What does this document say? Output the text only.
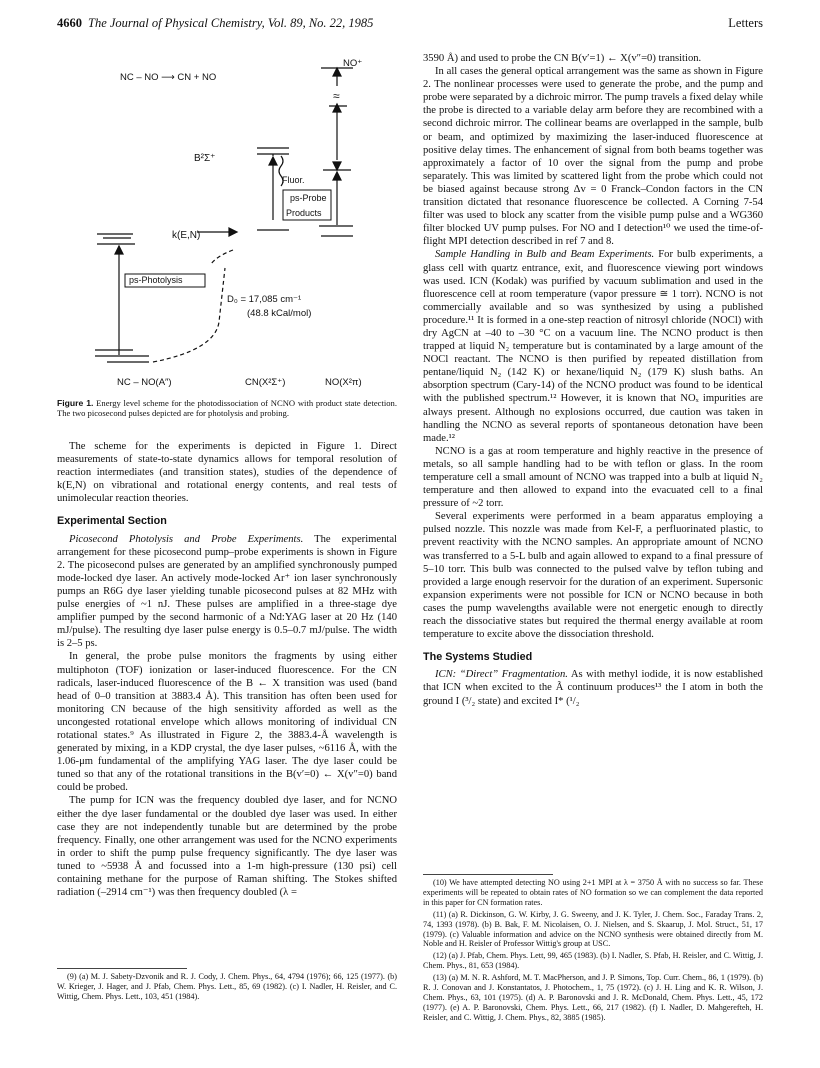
4660 The Journal of Physical Chemistry, Vol. 89, No. 22, 1985	Letters
NC – NO ⟶ CN + NO
NO⁺
B²Σ⁺
Fluor.
ps-Probe
Products
k(E,N)
ps-Photolysis
D₀ = 17,085 cm⁻¹
(48.8 kCal/mol)
NC – NO(A″)	CN(X²Σ⁺)	NO(X²π)
≈
Figure 1. Energy level scheme for the photodissociation of NCNO with product state detection. The two picosecond pulses depicted are for photolysis and probing.

The scheme for the experiments is depicted in Figure 1. Direct measurements of state-to-state dynamics allows for temporal resolution of reaction intermediates (and transition states), studies of the dependence of k(E,N) on vibrational and rotational energy contents, and real tests of unimolecular reaction theories.

Experimental Section

Picosecond Photolysis and Probe Experiments. The experimental arrangement for these picosecond pump–probe experiments is shown in Figure 2. The picosecond pulses are generated by an amplified synchronously pumped mode-locked dye laser. An actively mode-locked Ar⁺ ion laser synchronously pumps an R6G dye laser yielding tunable picosecond pulses at 82 MHz with pulse energies of ~1 nJ. These pulses are amplified in a three-stage dye amplifier pumped by the second harmonic of a Nd:YAG laser at 20 Hz (140 mJ/pulse). The resulting dye laser pulse energy is 0.5–0.7 mJ/pulse. The width is 2–5 ps.

In general, the probe pulse monitors the fragments by using either multiphoton (TOF) ionization or laser-induced fluorescence. For the CN radicals, laser-induced fluorescence of the B ← X transition was used (band head of 0–0 transition at 3883.4 Å). This transition has often been used for monitoring CN because of the high sensitivity afforded as well as the uncongested rotational envelope which allows monitoring of individual CN rotational states.⁹ As illustrated in Figure 2, the 3883.4-Å wavelength is generated by mixing, in a KDP crystal, the dye laser pulses, ~6116 Å, with the 1.06-μm fundamental of the amplifying YAG laser. The dye laser could be tuned so that any of the rotational transitions in the B(v′=0) ← X(v″=0) band could be probed.

The pump for ICN was the frequency doubled dye laser, and for NCNO either the dye laser fundamental or the doubled dye laser was used. In either case they are not independently tunable but are determined by the probe frequency. Finally, one other arrangement was used for the NCNO experiments in order to shift the pump pulse frequency significantly. The dye laser was tuned to ~5938 Å and focussed into a 1-m high-pressure (130 psi) cell containing methane for the purpose of Raman shifting. The Stokes shifted radiation (–2914 cm⁻¹) was then frequency doubled (λ =

(9) (a) M. J. Sabety-Dzvonik and R. J. Cody, J. Chem. Phys., 64, 4794 (1976); 66, 125 (1977). (b) W. Krieger, J. Hager, and J. Pfab, Chem. Phys. Lett., 85, 69 (1982). (c) I. Nadler, H. Reisler, and C. Wittig, Chem. Phys. Lett., 103, 451 (1984).

3590 Å) and used to probe the CN B(v′=1) ← X(v″=0) transition.

In all cases the general optical arrangement was the same as shown in Figure 2. The nonlinear processes were used to generate the probe, and the pump and probe were separated by a dichroic mirror. The pump travels a fixed delay while the probe is directed to a variable delay arm before they are recombined with a second dichroic mirror. The collinear beams are overlapped in the sample, bulb or beam, and optimized by maximizing the laser-induced fluorescence at positive delay times. The enhancement of signal from both beams together was approximately a factor of 10 over the signal from the pump and probe separately. This was limited by scattered light from the probe which could not be biased against because strong Δv = 0 Franck–Condon factors in the CN transition dictated that resonance fluorescence be collected. A Corning 7-54 filter was used to block any scatter from the visible pump pulse and a WG360 filter blocked UV pump pulses. For NO and I detection¹⁰ we used the time-of-flight MPI detection described in ref 7 and 8.

Sample Handling in Bulb and Beam Experiments. For bulb experiments, a glass cell with quartz entrance, exit, and fluorescence viewing port windows was used. ICN (Kodak) was purified by vacuum sublimation and used in the fluorescence cell at room temperature (vapor pressure ≅ 1 torr). NCNO is not commercially available and so was synthesized by using a published procedure.¹¹ It is formed in a one-step reaction of nitrosyl chloride (NOCl) with dry AgCN at –40 to –30 °C on a vacuum line. The NCNO product is then trapped at liquid N₂ temperature but is contaminated by a large amount of the NOCl reactant. The NCNO is then purified by repeated distillation from pentane/liquid N₂ (142 K) or hexane/liquid N₂ (179 K) slush baths. An absorption spectrum (Cary-14) of the NCNO product was found to be identical with the published spectrum.¹² However, it is known that NOₓ impurities are always present. Although no explosions occurred, due caution was taken in handling the NCNO as several reports of spontaneous detonation have been made.¹²

NCNO is a gas at room temperature and highly reactive in the presence of metals, so all sample handling had to be with teflon or glass. In the room temperature cell a small amount of NCNO was trapped into a bulb at liquid N₂ temperature and then allowed to expand into the evacuated cell to a final pressure of ~2 torr.

Several experiments were performed in a beam apparatus employing a pulsed nozzle. This nozzle was made from Kel-F, a perfluorinated plastic, to prevent reactivity with the NCNO samples. An appropriate amount of NCNO was transferred to a 5-L bulb and again allowed to expand to a final pressure of 5–10 torr. This bulb was connected to the pulsed valve by teflon tubing and provided a large enough reservoir for the duration of an experiment. Supersonic expansion experiments were not possible for ICN or NCNO because in both cases the pump wavelengths available were not energetic enough to directly reach the dissociative states but required the thermal energy available at room temperature to excite above the dissociation threshold.

The Systems Studied

ICN: “Direct” Fragmentation. As with methyl iodide, it is now established that ICN when excited to the Ã continuum produces¹³ the I atom in both the ground I (³/₂ state) and excited I* (¹/₂

(10) We have attempted detecting NO using 2+1 MPI at λ = 3750 Å with no success so far. These experiments will be repeated to obtain rates of NO formation so we can complement the data reported in this paper for CN formation rates.

(11) (a) R. Dickinson, G. W. Kirby, J. G. Sweeny, and J. K. Tyler, J. Chem. Soc., Faraday Trans. 2, 74, 1393 (1978). (b) B. Bak, F. M. Nicolaisen, O. J. Nielsen, and S. Skaarup, J. Mol. Struct., 51, 17 (1979). (c) Valuable information and advice on the NCNO synthesis were obtained directly from M. Noble and H. Reisler of Professor Wittig's group at USC.

(12) (a) J. Pfab, Chem. Phys. Lett, 99, 465 (1983). (b) I. Nadler, S. Pfab, H. Reisler, and C. Wittig, J. Chem. Phys., 81, 653 (1984).

(13) (a) M. N. R. Ashford, M. T. MacPherson, and J. P. Simons, Top. Curr. Chem., 86, 1 (1979). (b) R. J. Conovan and J. Konstantatos, J. Photochem., 1, 75 (1972). (c) J. H. Ling and K. R. Wilson, J. Chem. Phys., 63, 101 (1975). (d) A. P. Baronovski and J. R. McDonald, Chem. Phys. Lett., 45, 172 (1977). (e) A. P. Baronovski, Chem. Phys. Lett., 66, 217 (1982). (f) I. Nadler, D. Mahgerefteh, H. Reisler, and C. Wittig, J. Chem. Phys., 82, 3885 (1985).
